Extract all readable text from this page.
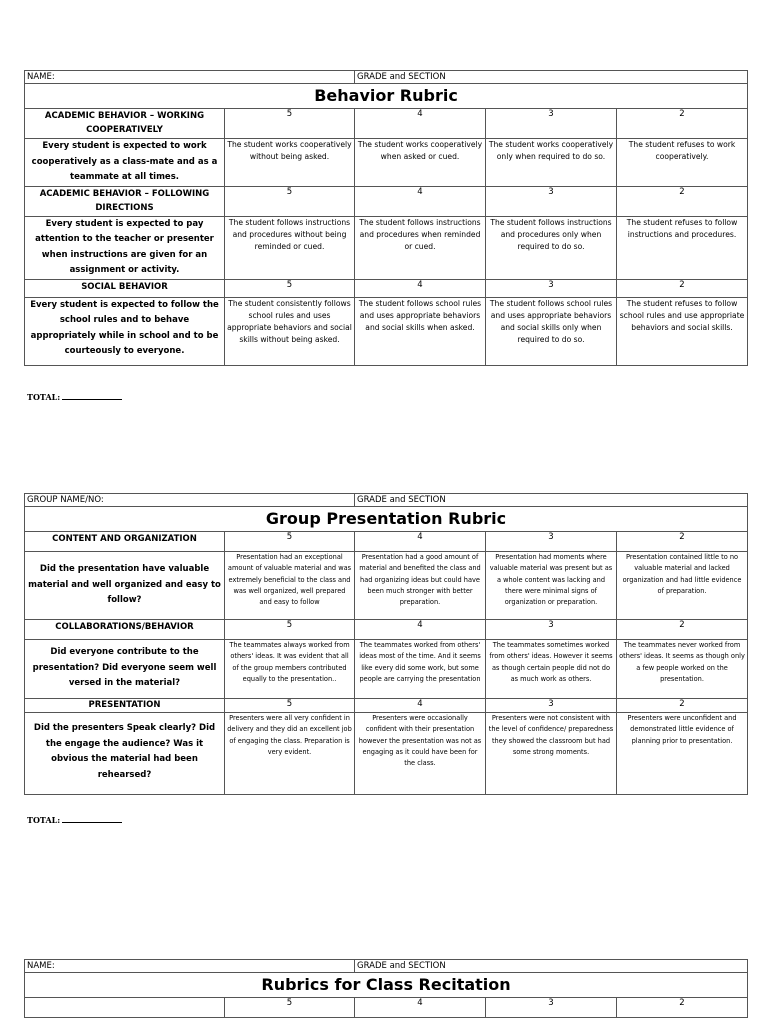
NAME:		GRADE and SECTION		
Behavior Rubric				
ACADEMIC BEHAVIOR – WORKING COOPERATIVELY	5	4	3	2
Every student is expected to work cooperatively as a class-mate and as a teammate at all times.	The student works cooperatively without being asked.	The student works cooperatively when asked or cued.	The student works cooperatively only when required to do so.	The student refuses to work cooperatively.
ACADEMIC BEHAVIOR – FOLLOWING DIRECTIONS	5	4	3	2
Every student is expected to pay attention to the teacher or presenter when instructions are given for an assignment or activity.	The student follows instructions and procedures without being reminded or cued.	The student follows instructions and procedures when reminded or cued.	The student follows instructions and procedures only when required to do so.	The student refuses to follow instructions and procedures.
SOCIAL BEHAVIOR	5	4	3	2
Every student is expected to follow the school rules and to behave appropriately while in school and to be courteously to everyone.	The student consistently follows school rules and uses appropriate behaviors and social skills without being asked.	The student follows school rules and uses appropriate behaviors and social skills when asked.	The student follows school rules and uses appropriate behaviors and social skills only when required to do so.	The student refuses to follow school rules and use appropriate behaviors and social skills.
TOTAL:
GROUP NAME/NO:		GRADE and SECTION		
Group Presentation Rubric				
CONTENT AND ORGANIZATION	5	4	3	2
Did the presentation have valuable material and well organized and easy to follow?	Presentation had an exceptional amount of valuable material and was extremely beneficial to the class and was well organized, well prepared and easy to follow	Presentation had a good amount of material and benefited the class and had organizing ideas but could have been much stronger with better preparation.	Presentation had moments where valuable material was present but as a whole content was lacking and there were minimal signs of organization or preparation.	Presentation contained little to no valuable material and lacked organization and had little evidence of preparation.
COLLABORATIONS/BEHAVIOR	5	4	3	2
Did everyone contribute to the presentation? Did everyone seem well versed in the material?	The teammates always worked from others' ideas. It was evident that all of the group members contributed equally to the presentation..	The teammates worked from others' ideas most of the time. And it seems like every did some work, but some people are carrying the presentation	The teammates sometimes worked from others' ideas. However it seems as though certain people did not do as much work as others.	The teammates never worked from others' ideas. It seems as though only a few people worked on the presentation.
PRESENTATION	5	4	3	2
Did the presenters Speak clearly? Did the engage the audience? Was it obvious the material had been rehearsed?	Presenters were all very confident in delivery and they did an excellent job of engaging the class. Preparation is very evident.	Presenters were occasionally confident with their presentation however the presentation was not as engaging as it could have been for the class.	Presenters were not consistent with the level of confidence/ preparedness they showed the classroom but had some strong moments.	Presenters were unconfident and demonstrated little evidence of planning prior to presentation.
TOTAL:
NAME:		GRADE and SECTION		
Rubrics for Class Recitation				
	5	4	3	2
